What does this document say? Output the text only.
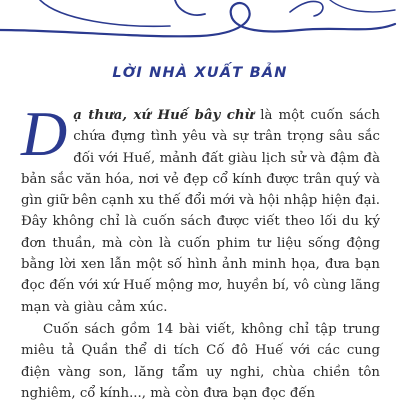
LỜI NHÀ XUẤT BẢN

Dạ thưa, xứ Huế bây chừ là một cuốn sách chứa đựng tình yêu và sự trân trọng sâu sắc đối với Huế, mảnh đất giàu lịch sử và đậm đà bản sắc văn hóa, nơi vẻ đẹp cổ kính được trân quý và gìn giữ bên cạnh xu thế đổi mới và hội nhập hiện đại. Đây không chỉ là cuốn sách được viết theo lối du ký đơn thuần, mà còn là cuốn phim tư liệu sống động bằng lời xen lẫn một số hình ảnh minh họa, đưa bạn đọc đến với xứ Huế mộng mơ, huyền bí, vô cùng lãng mạn và giàu cảm xúc.

Cuốn sách gồm 14 bài viết, không chỉ tập trung miêu tả Quần thể di tích Cố đô Huế với các cung điện vàng son, lăng tẩm uy nghi, chùa chiền tôn nghiêm, cổ kính..., mà còn đưa bạn đọc đến
